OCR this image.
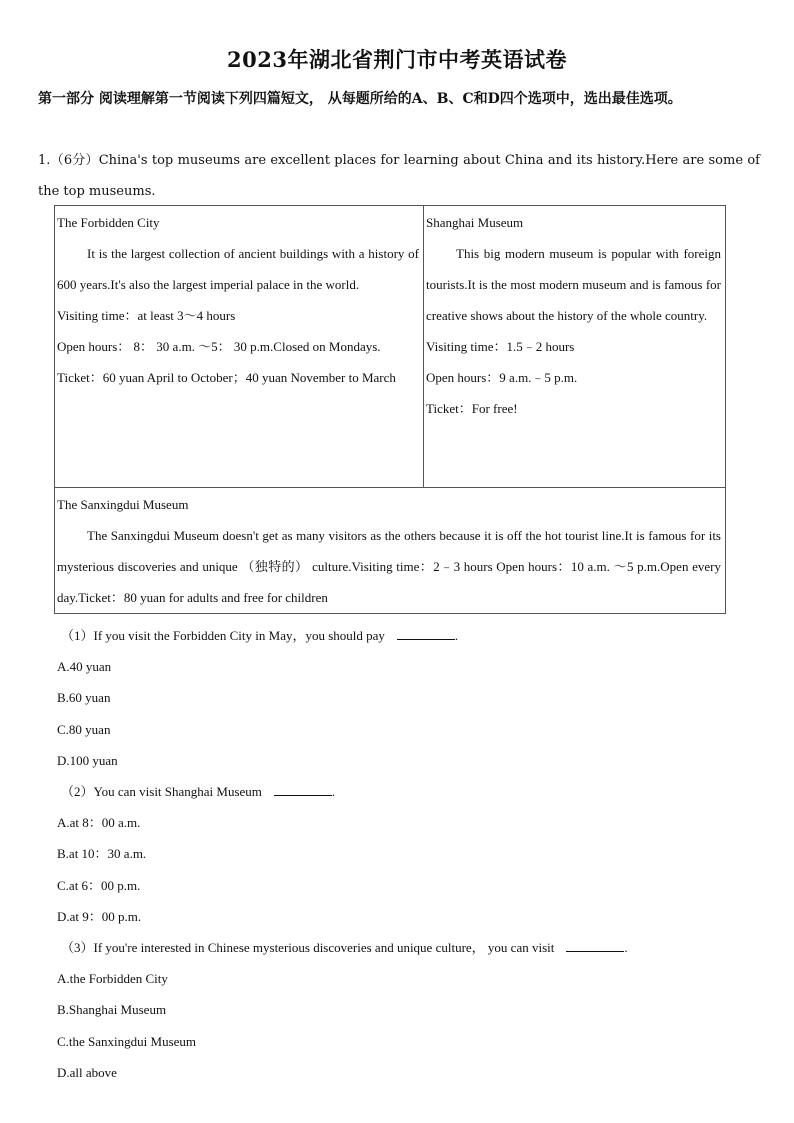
2023年湖北省荆门市中考英语试卷
第一部分 阅读理解第一节阅读下列四篇短文， 从每题所给的A、B、C和D四个选项中，选出最佳选项。
1.（6分）China's top museums are excellent places for learning about China and its history.Here are some of the top museums.
The Forbidden City
It is the largest collection of ancient buildings with a history of 600 years.It's also the largest imperial palace in the world.
Visiting time：at least 3～4 hours
Open hours： 8： 30 a.m. ～5： 30 p.m.Closed on Mondays.
Ticket：60 yuan April to October；40 yuan November to March

Shanghai Museum
This big modern museum is popular with foreign tourists.It is the most modern museum and is famous for creative shows about the history of the whole country.
Visiting time：1.5﹣2 hours
Open hours：9 a.m.﹣5 p.m.
Ticket：For free!

The Sanxingdui Museum
The Sanxingdui Museum doesn't get as many visitors as the others because it is off the hot tourist line.It is famous for its mysterious discoveries and unique （独特的） culture.Visiting time：2﹣3 hours Open hours：10 a.m. ～5 p.m.Open every day.Ticket：80 yuan for adults and free for children
（1）If you visit the Forbidden City in May，you should pay	.
A.40 yuan
B.60 yuan
C.80 yuan
D.100 yuan
（2）You can visit Shanghai Museum	.
A.at 8：00 a.m.
B.at 10：30 a.m.
C.at 6：00 p.m.
D.at 9：00 p.m.
（3）If you're interested in Chinese mysterious discoveries and unique culture， you can visit	.
A.the Forbidden City
B.Shanghai Museum
C.the Sanxingdui Museum
D.all above
